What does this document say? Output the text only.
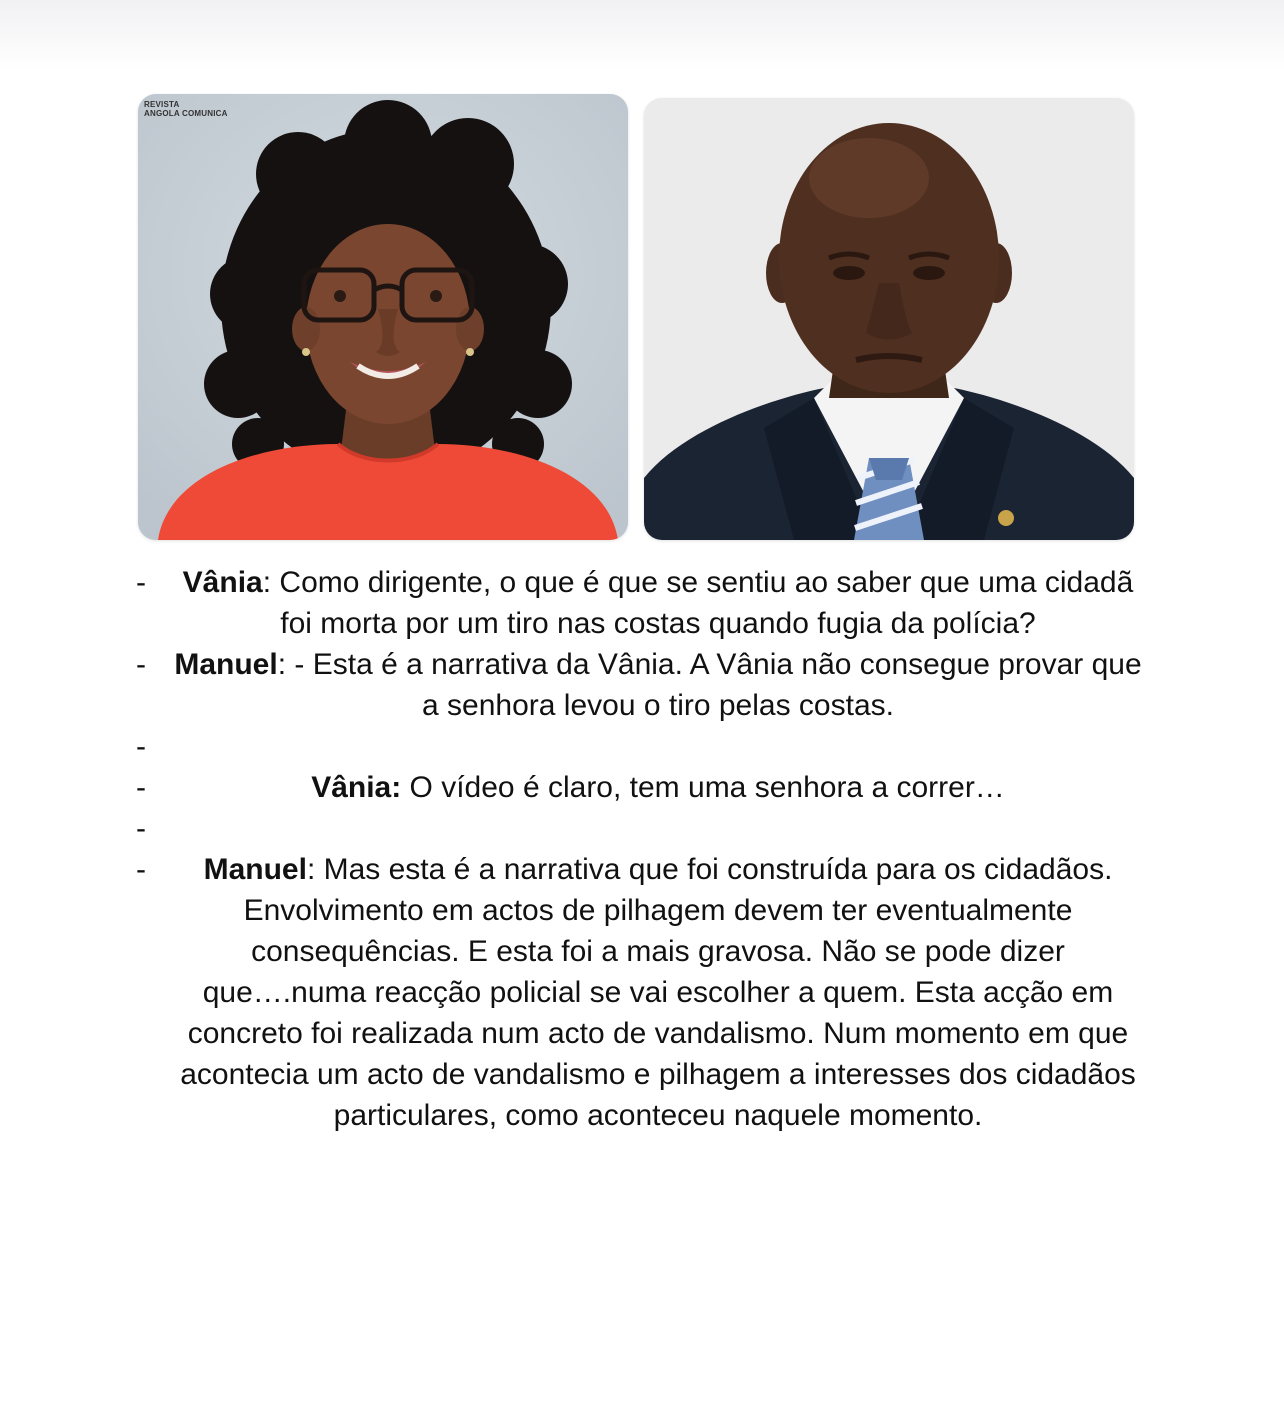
REVISTA
ANGOLA COMUNICA
-	Vânia: Como dirigente, o que é que se sentiu ao saber que uma cidadã foi morta por um tiro nas costas quando fugia da polícia?
- Manuel: - Esta é a narrativa da Vânia. A Vânia não consegue provar que a senhora levou o tiro pelas costas.
-
-	Vânia: O vídeo é claro, tem uma senhora a correr…
-
-	Manuel: Mas esta é a narrativa que foi construída para os cidadãos. Envolvimento em actos de pilhagem devem ter eventualmente consequências. E esta foi a mais gravosa. Não se pode dizer que….numa reacção policial se vai escolher a quem. Esta acção em concreto foi realizada num acto de vandalismo. Num momento em que acontecia um acto de vandalismo e pilhagem a interesses dos cidadãos particulares, como aconteceu naquele momento.
